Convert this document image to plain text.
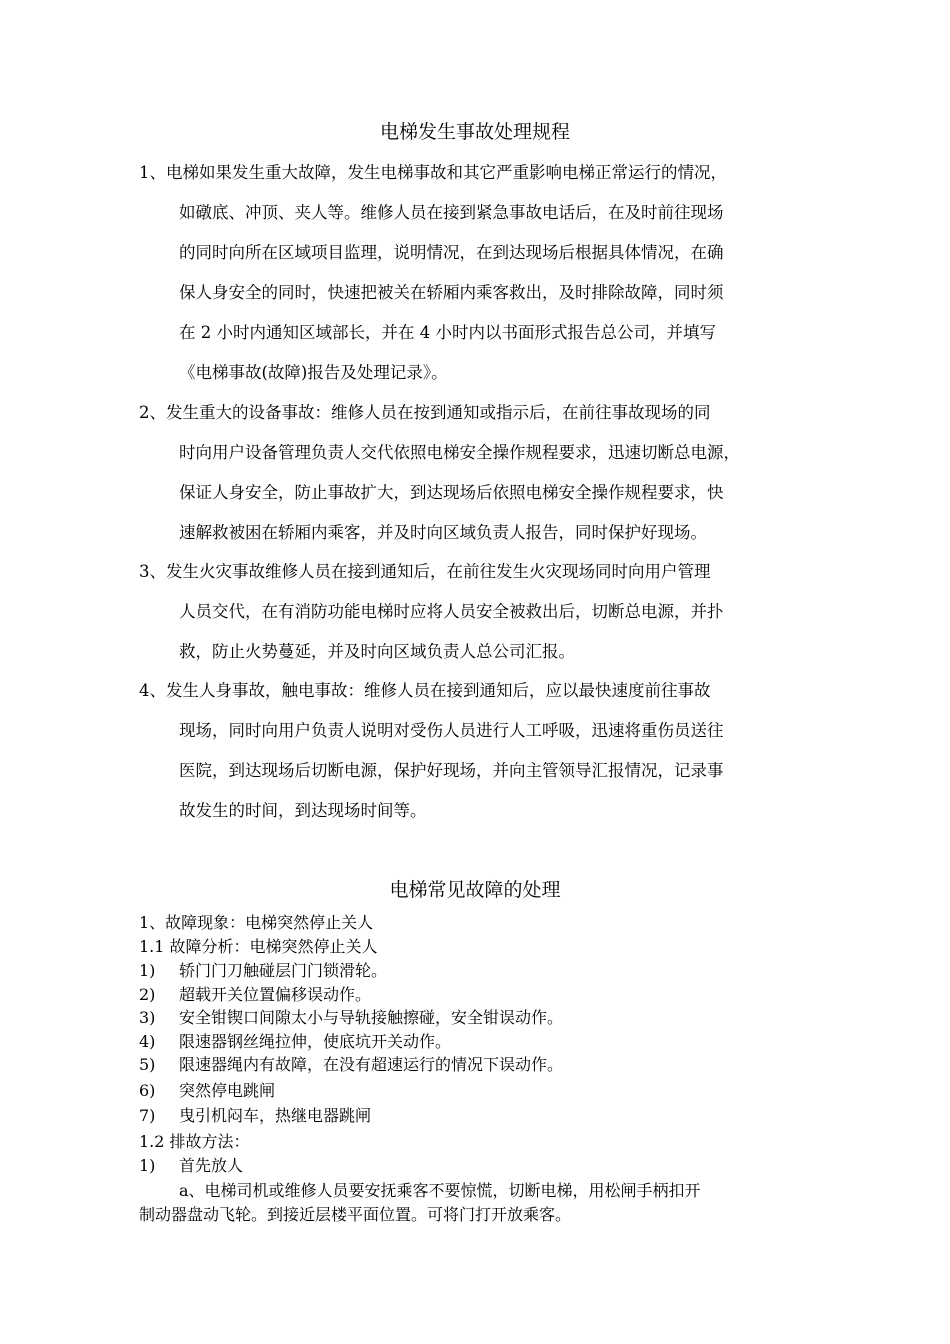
电梯发生事故处理规程
1、电梯如果发生重大故障，发生电梯事故和其它严重影响电梯正常运行的情况，
如礅底、冲顶、夹人等。维修人员在接到紧急事故电话后，在及时前往现场
的同时向所在区域项目监理，说明情况，在到达现场后根据具体情况，在确
保人身安全的同时，快速把被关在轿厢内乘客救出，及时排除故障，同时须
在 2 小时内通知区域部长，并在 4 小时内以书面形式报告总公司，并填写
《电梯事故(故障)报告及处理记录》。
2、发生重大的设备事故：维修人员在按到通知或指示后，在前往事故现场的同
时向用户设备管理负责人交代依照电梯安全操作规程要求，迅速切断总电源，
保证人身安全，防止事故扩大，到达现场后依照电梯安全操作规程要求，快
速解救被困在轿厢内乘客，并及时向区域负责人报告，同时保护好现场。
3、发生火灾事故维修人员在接到通知后，在前往发生火灾现场同时向用户管理
人员交代，在有消防功能电梯时应将人员安全被救出后，切断总电源，并扑
救，防止火势蔓延，并及时向区域负责人总公司汇报。
4、发生人身事故，触电事故：维修人员在接到通知后，应以最快速度前往事故
现场，同时向用户负责人说明对受伤人员进行人工呼吸，迅速将重伤员送往
医院，到达现场后切断电源，保护好现场，并向主管领导汇报情况，记录事
故发生的时间，到达现场时间等。
电梯常见故障的处理
1、故障现象：电梯突然停止关人
1.1 故障分析：电梯突然停止关人
1) 轿门门刀触碰层门门锁滑轮。
2) 超载开关位置偏移误动作。
3) 安全钳锲口间隙太小与导轨接触擦碰，安全钳误动作。
4) 限速器钢丝绳拉伸，使底坑开关动作。
5) 限速器绳内有故障，在没有超速运行的情况下误动作。
6) 突然停电跳闸
7) 曳引机闷车，热继电器跳闸
1.2 排故方法：
1) 首先放人
a、电梯司机或维修人员要安抚乘客不要惊慌，切断电梯，用松闸手柄扣开
制动器盘动飞轮。到接近层楼平面位置。可将门打开放乘客。
